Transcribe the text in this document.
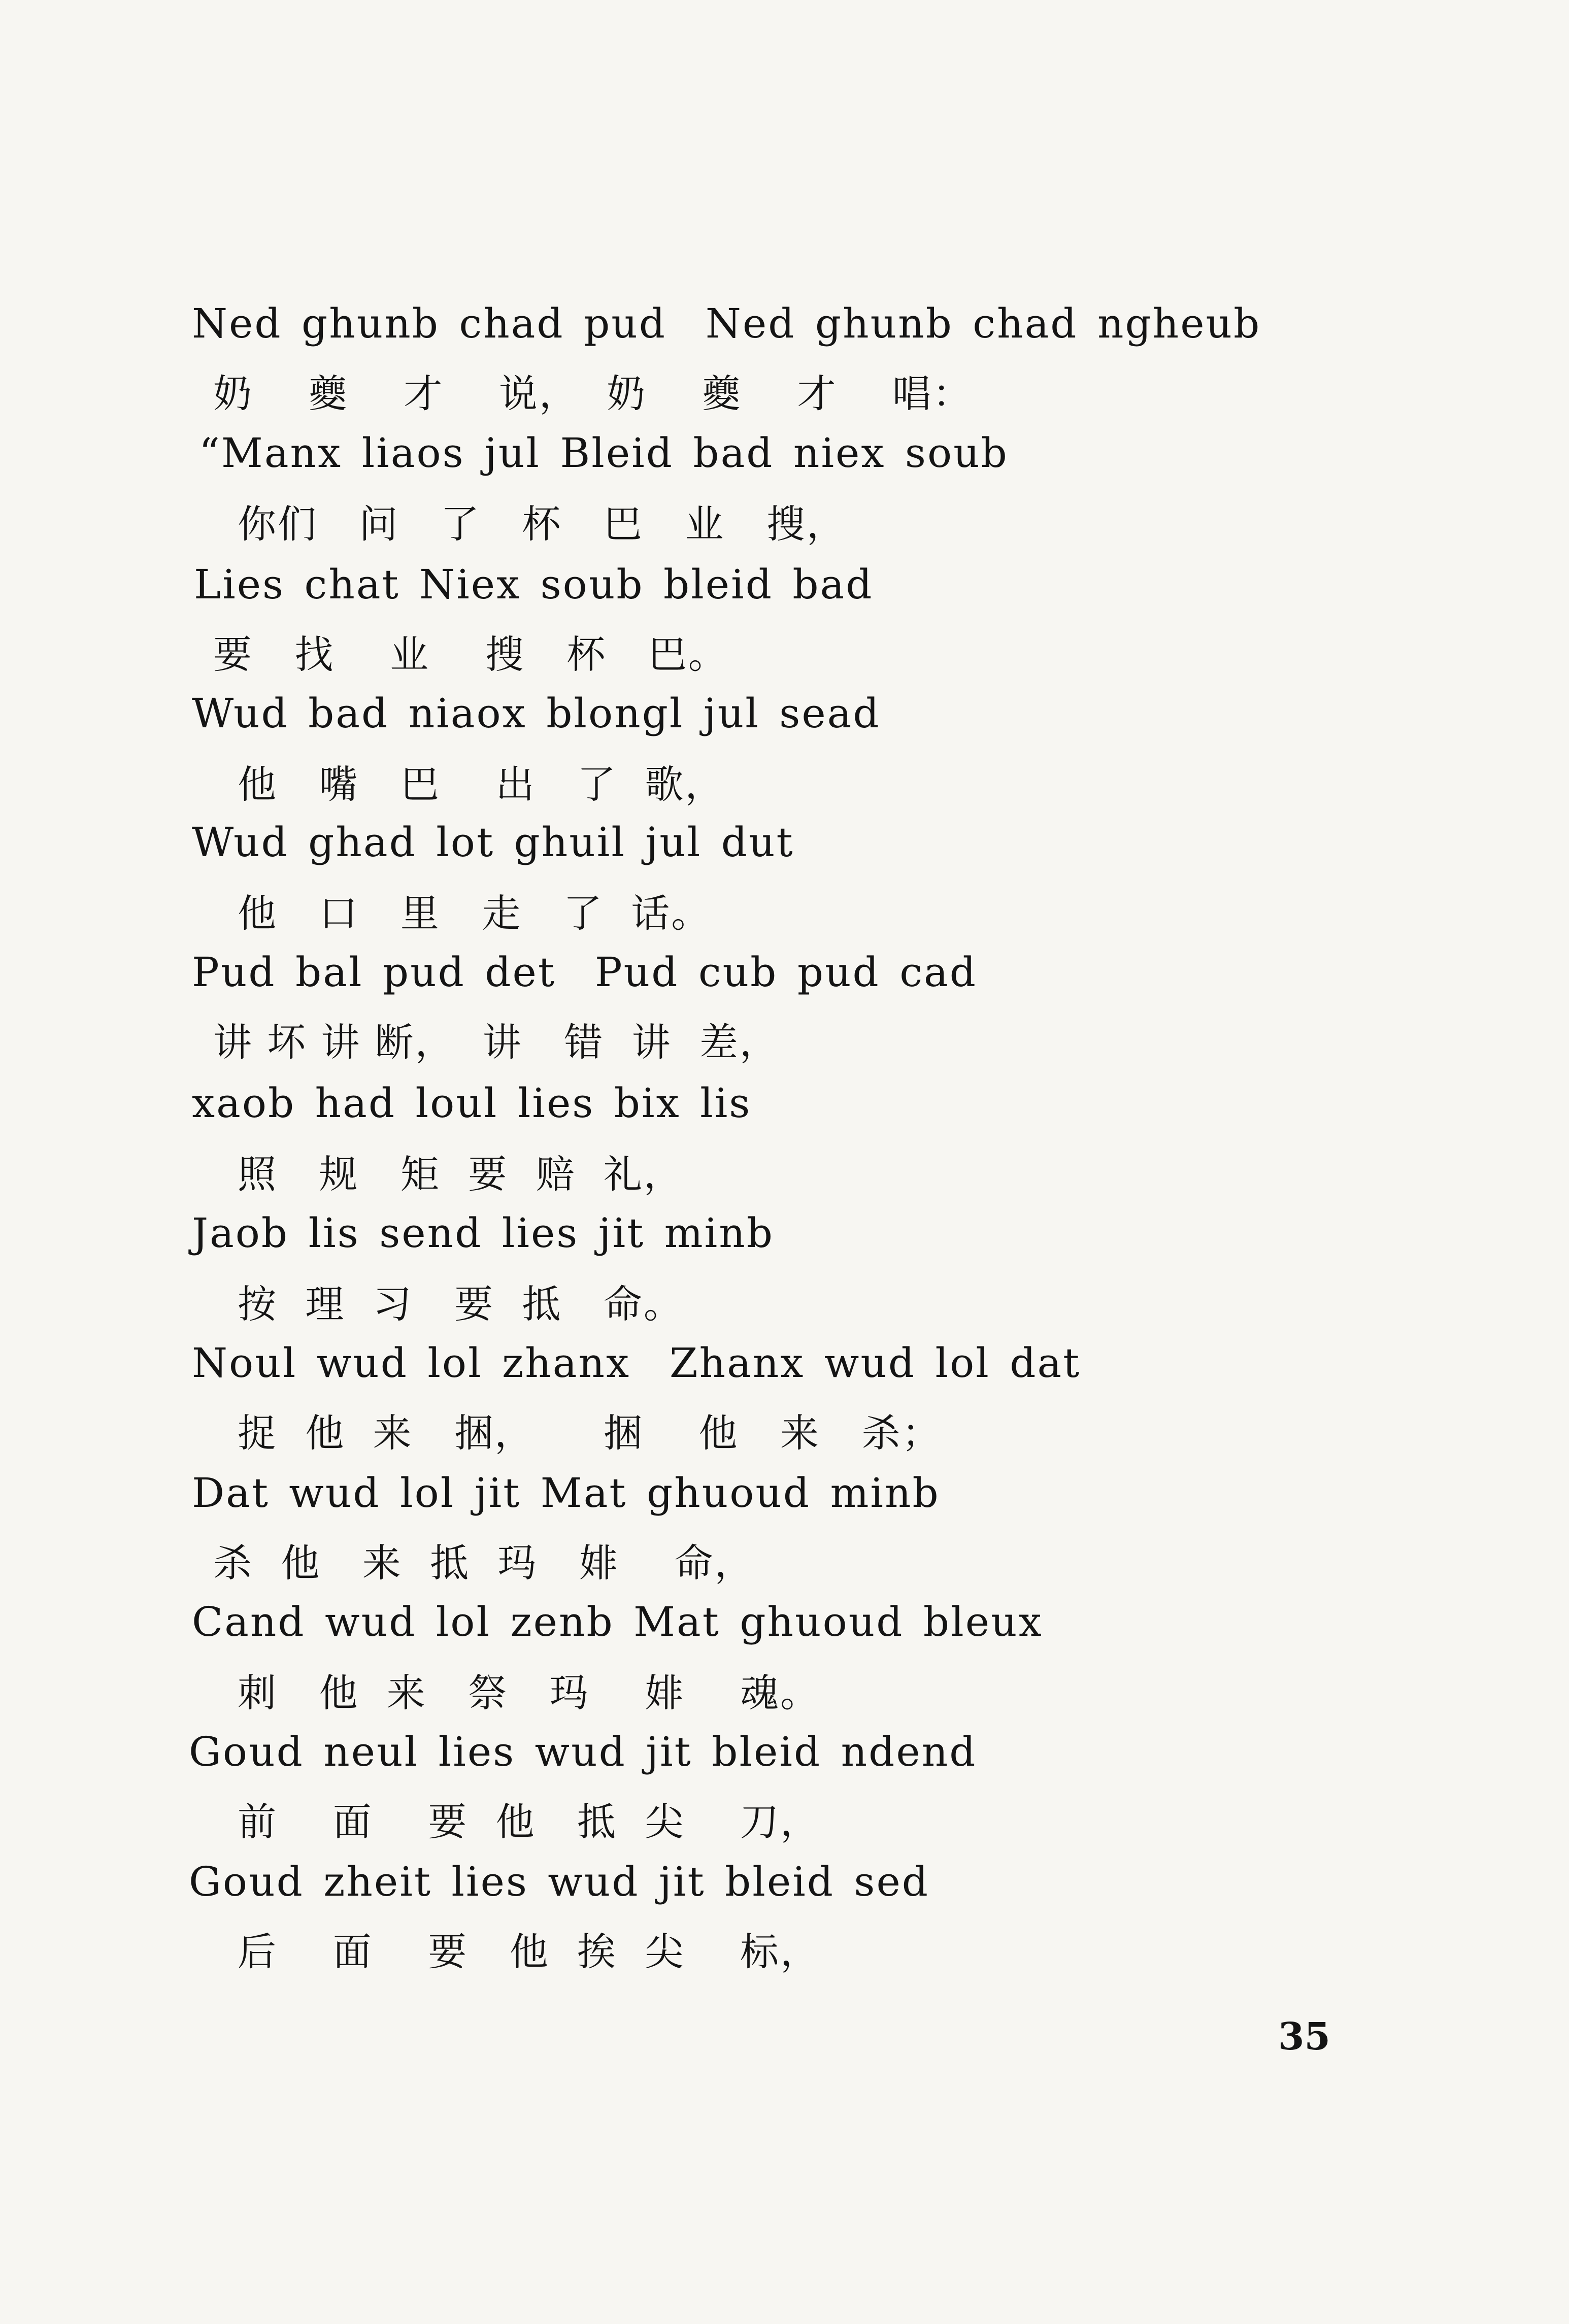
Ned ghunb chad pud  Ned ghunb chad ngheub
奶    夔    才    说，  奶    夔    才    唱：
“Manx liaos jul Bleid bad niex soub
你们   问   了   杯   巴   业   搜，
Lies chat Niex soub bleid bad
要   找    业    搜   杯   巴。
Wud bad niaox blongl jul sead
他   嘴   巴    出   了  歌，
Wud ghad lot ghuil jul dut
他   口   里   走   了  话。
Pud bal pud det  Pud cub pud cad
讲 坏 讲 断，  讲   错  讲  差，
xaob had loul lies bix lis
照   规   矩  要  赔  礼，
Jaob lis send lies jit minb
按  理  习   要  抵   命。
Noul wud lol zhanx  Zhanx wud lol dat
捉  他  来   捆，     捆    他   来   杀；
Dat wud lol jit Mat ghuoud minb
杀  他   来  抵  玛   婔    命，
Cand wud lol zenb Mat ghuoud bleux
刺   他  来   祭   玛    婔    魂。
Goud neul lies wud jit bleid ndend
前    面    要  他   抵  尖    刀，
Goud zheit lies wud jit bleid sed
后    面    要   他  挨  尖    标，
35
